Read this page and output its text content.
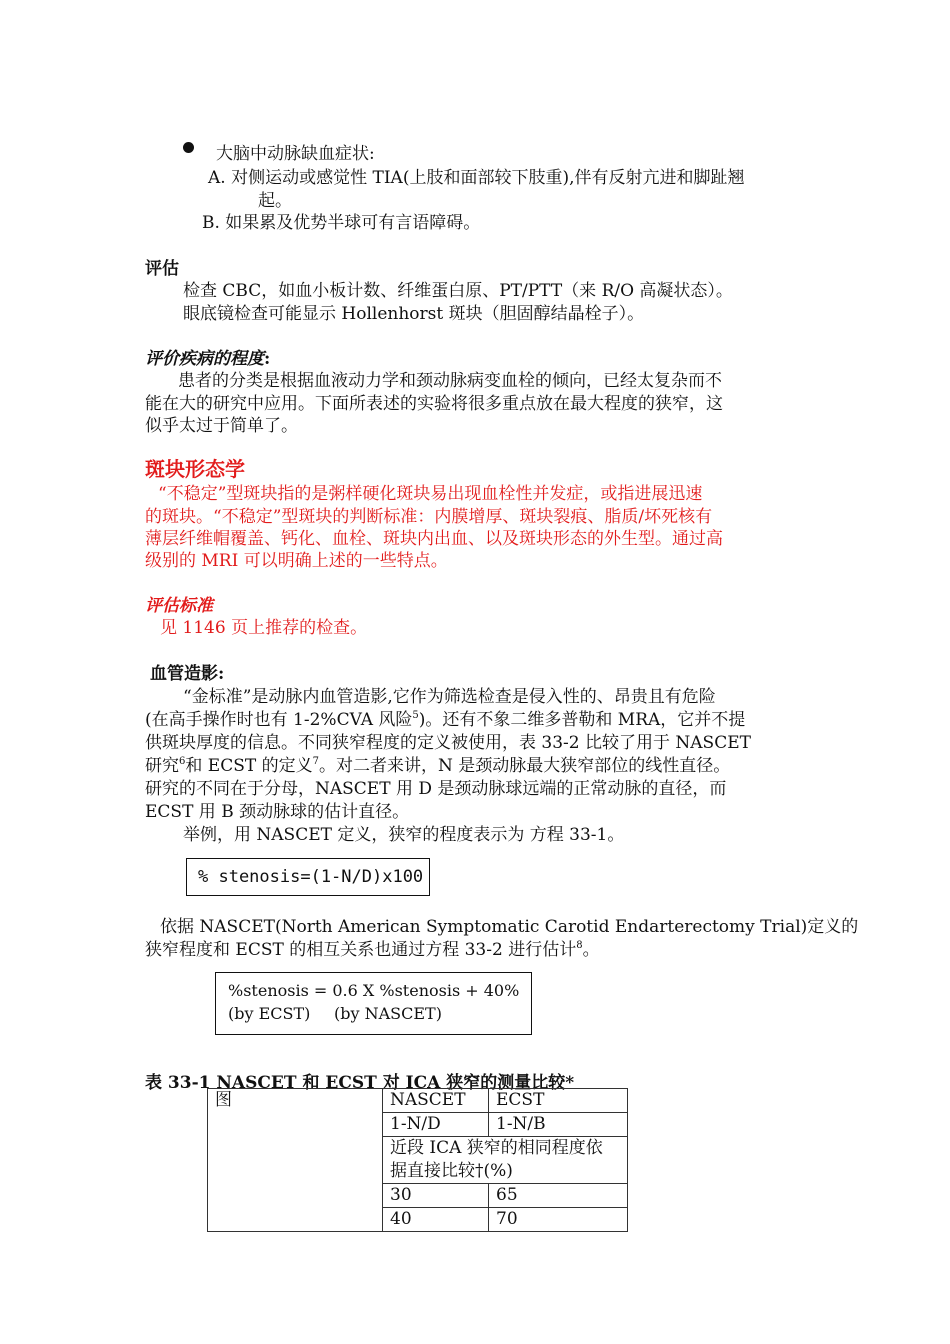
大脑中动脉缺血症状:
A. 对侧运动或感觉性 TIA(上肢和面部较下肢重),伴有反射亢进和脚趾翘
起。
B. 如果累及优势半球可有言语障碍。
评估
检查 CBC，如血小板计数、纤维蛋白原、PT/PTT（来 R/O 高凝状态）。
眼底镜检查可能显示 Hollenhorst 斑块（胆固醇结晶栓子）。
评价疾病的程度:
患者的分类是根据血液动力学和颈动脉病变血栓的倾向，已经太复杂而不
能在大的研究中应用。下面所表述的实验将很多重点放在最大程度的狭窄，这
似乎太过于简单了。
斑块形态学
“不稳定”型斑块指的是粥样硬化斑块易出现血栓性并发症，或指进展迅速
的斑块。“不稳定”型斑块的判断标准：内膜增厚、斑块裂痕、脂质/坏死核有
薄层纤维帽覆盖、钙化、血栓、斑块内出血、以及斑块形态的外生型。通过高
级别的 MRI 可以明确上述的一些特点。
评估标准
见 1146 页上推荐的检查。
血管造影:
“金标准”是动脉内血管造影,它作为筛选检查是侵入性的、昂贵且有危险
(在高手操作时也有 1-2%CVA 风险$^5$)。还有不象二维多普勒和 MRA，它并不提
供斑块厚度的信息。不同狭窄程度的定义被使用，表 33-2 比较了用于 NASCET
研究$^6$和 ECST 的定义$^7$。对二者来讲，N 是颈动脉最大狭窄部位的线性直径。
研究的不同在于分母，NASCET 用 D 是颈动脉球远端的正常动脉的直径，而
ECST 用 B 颈动脉球的估计直径。
举例，用 NASCET 定义，狭窄的程度表示为 方程 33-1。
% stenosis=(1-N/D)x100
依据 NASCET(North American Symptomatic Carotid Endarterectomy Trial)定义的
狭窄程度和 ECST 的相互关系也通过方程 33-2 进行估计$^8$。
%stenosis = 0.6 X %stenosis + 40%
(by ECST) (by NASCET)
表 33-1 NASCET 和 ECST 对 ICA 狭窄的测量比较*
图	NASCET	ECST
	1-N/D	1-N/B

	近段 ICA 狭窄的相同程度依
据直接比较†(%)	

	30	65
	40	70
